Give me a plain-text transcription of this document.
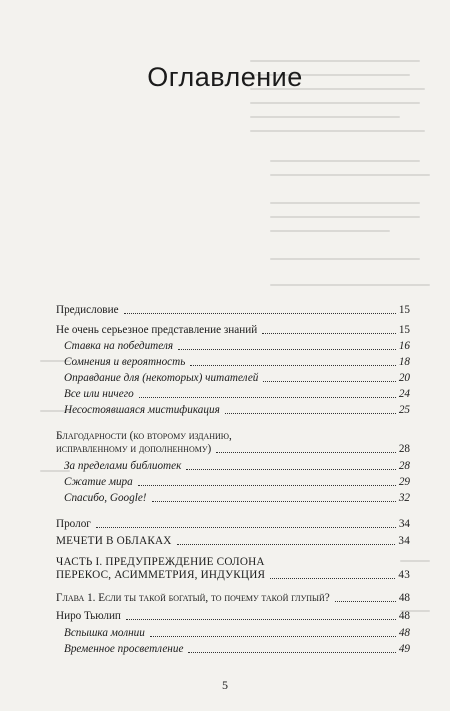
Оглавление
Предисловие	15
Не очень серьезное представление знаний	15
Ставка на победителя	16
Сомнения и вероятность	18
Оправдание для (некоторых) читателей	20
Все или ничего	24
Несостоявшаяся мистификация	25
Благодарности (ко второму изданию,
исправленному и дополненному)	28
За пределами библиотек	28
Сжатие мира	29
Спасибо, Google!	32
Пролог	34
МЕЧЕТИ В ОБЛАКАХ	34
ЧАСТЬ I. ПРЕДУПРЕЖДЕНИЕ СОЛОНА
ПЕРЕКОС, АСИММЕТРИЯ, ИНДУКЦИЯ	43
Глава 1. Если ты такой богатый, то почему такой глупый?	48
Ниро Тьюлип	48
Вспышка молнии	48
Временное просветление	49
5
